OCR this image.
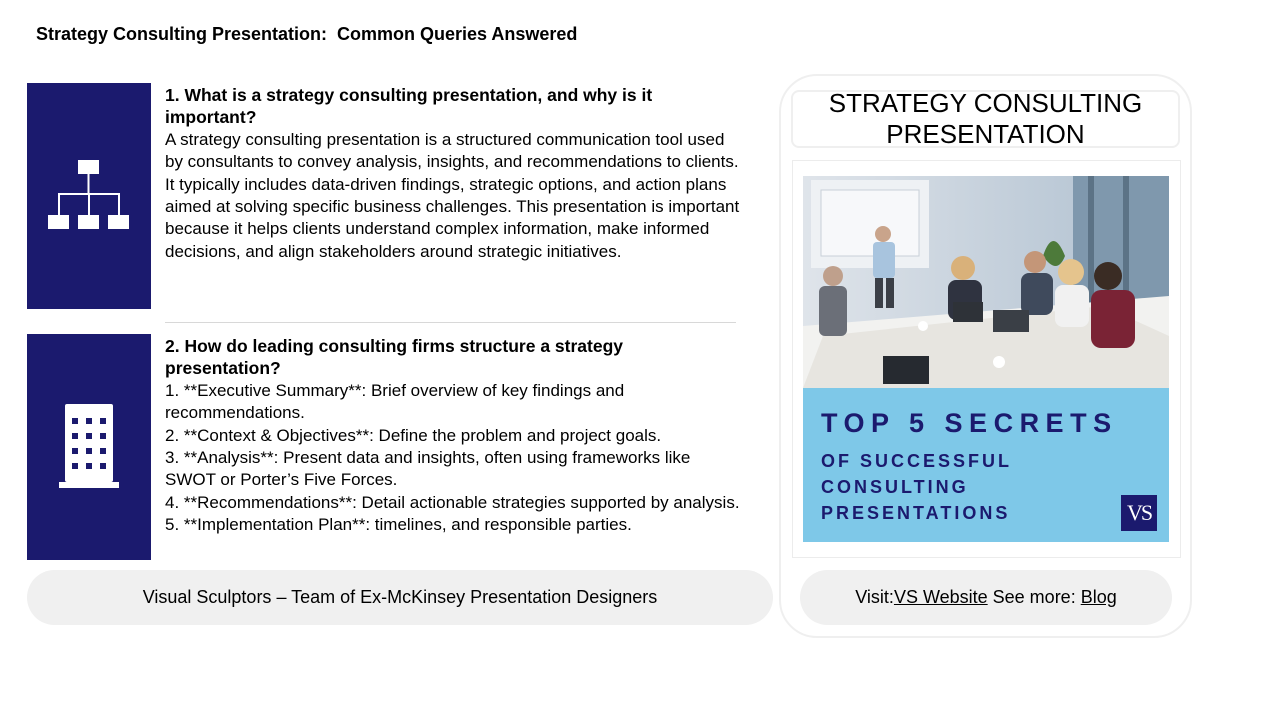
Strategy Consulting Presentation:  Common Queries Answered
1. What is a strategy consulting presentation, and why is it important?

A strategy consulting presentation is a structured communication tool used by consultants to convey analysis, insights, and recommendations to clients. It typically includes data-driven findings, strategic options, and action plans aimed at solving specific business challenges. This presentation is important because it helps clients understand complex information, make informed decisions, and align stakeholders around strategic initiatives.

2. How do leading consulting firms structure a strategy presentation?

1. **Executive Summary**: Brief overview of key findings and recommendations.

2. **Context & Objectives**: Define the problem and project goals.

3. **Analysis**: Present data and insights, often using frameworks like SWOT or Porter’s Five Forces.

4. **Recommendations**: Detail actionable strategies supported by analysis.

5. **Implementation Plan**: timelines, and responsible parties.

Visual Sculptors – Team of Ex-McKinsey Presentation Designers
STRATEGY CONSULTING PRESENTATION
TOP 5 SECRETS
OF SUCCESSFUL
CONSULTING
PRESENTATIONS	VS
Visit: VS Website See more: Blog
